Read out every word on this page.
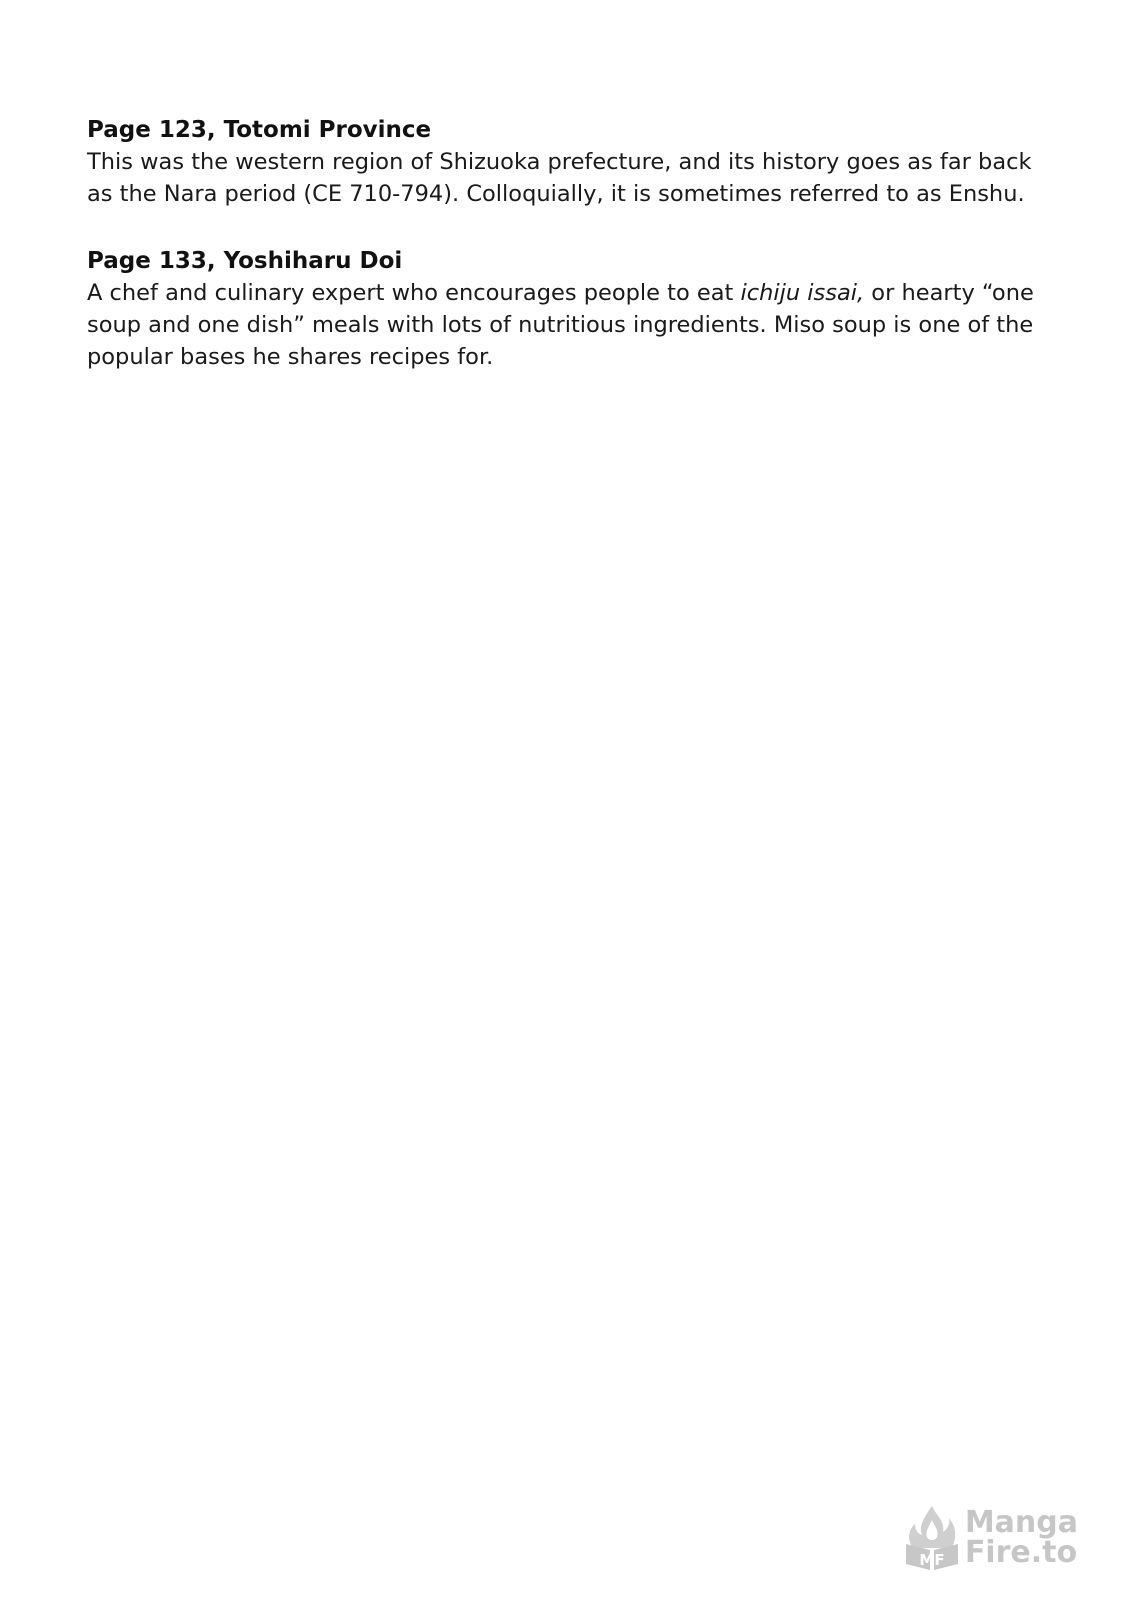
Page 123, Totomi Province

This was the western region of Shizuoka prefecture, and its history goes as far back as the Nara period (CE 710-794). Colloquially, it is sometimes referred to as Enshu.

Page 133, Yoshiharu Doi

A chef and culinary expert who encourages people to eat ichiju issai, or hearty “one soup and one dish” meals with lots of nutritious ingredients. Miso soup is one of the popular bases he shares recipes for.

MF
Manga
Fire.to
